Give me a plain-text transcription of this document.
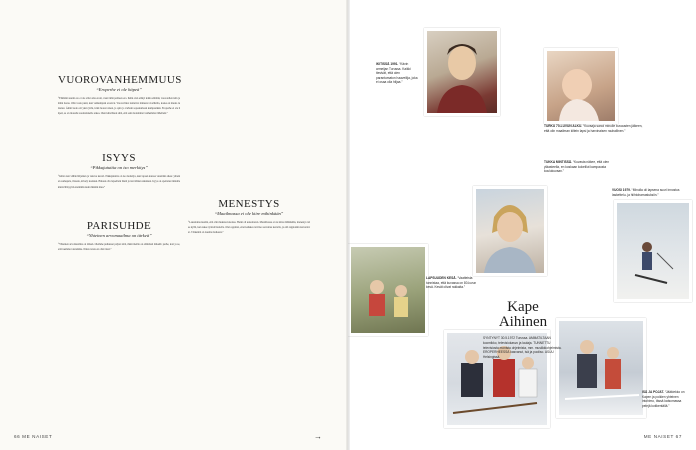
VUOROVANHEMMUUS
“Eroperhe ei ole häpeä”
“Elämäni suurin ero ei ole ollut oma eroni, vaan tämä perheen ero. Ikäni olen elänyt kahta elämää, vuorotellen isän ja äidin luona. Olin vasta pieni, kun vanhempani erosivat. Vuoroviikot tuntuivat minusta tavallisilta, koska en muuta tuntenut. Äitini luona oli yksi rytmi, isäni luona toinen, ja opin jo varhain sopeutumaan kumpaankin. Eroperhe ei ole häpeä, se on monelle suomalaiselle arkea. Olen kiitollinen siitä, että sain molemmat vanhemmat lähelleni.”
ISYYS
“Pikkujututtia on iso merkitys”
“Isänä olen vähän hiljainen ja vakava kaveri. Pikkujututtia on iso merkitys, kun lapsen kanssa vietetään aikaa: yhteinen aamupala, iltasatu, kävely kouluun. Haluan olla lapselleni läsnä ja turvallinen aikuinen. Isyys on opettanut minulle kärsivällisyyttä enemmän kuin mikään muu.”
PARISUHDE
“Yhteinen arvomaailma on tärkeä”
“Yhteinen arvomaailma on tärkeä. Olemme puhuneet paljon siitä, mikä meille on elämässä tärkeää: perhe, koti ja se, että tuemme toisiamme. Ilman toista en olisi tässä.”
MENESTYS
“Maailmassa ei ole kiire mihinkään”
“Lauantaina kuulin, että olin mukana kisoissa. Hetki oli uskomaton. Maailmassa ei ole kiire mihinkään, menestys tulee kyllä, kun tekee työnsä huolella. Olen oppinut, ettei kaikkea tarvitse saavuttaa kerralla, ja että tappiotkin kasvattavat. Tärkeintä on nauttia matkasta.”
66 ME NAISET	→
IKITISSÄ 1991. “Kävin armeijan Turussa. Kaikki tiesivät, että olen parantumaton haaveilija, joka ei osaa olla hiljaa.”
TURKU 70-LUVUN ALKU. “Kuvaaja sanoi minulle kuvausten jälkeen, että olin maailman kiltein lapsi ja harvinaisen rauhallinen.”
TUKKA MINTISSÄ. “Kuvasta näkee, että olen yläasteella, en koskaan kokeillut kampausta koulukuvaan.”
VUOSI 1979. “Minulla oli lapsena suuri innostus laskettelu- ja hiihtoharrastuksiin.”
LAPSUUDEN KESÄ. “Vaatteista tunnistaa, että kuvassa on 80-luvun kesä. Kesät olivat rakkaita.”
ISÄ JA POJAT. “Jääkiekko on Kapen ja poikien yhteinen intohimo, tässä katsomassa pelejä kotikentällä.”
Kape Aihinen
SYNTYNYT 30.5.1972 Turussa. AMMATILTAAN koomikko, televisiokasvo ja laulaja. TUNNETTU televisiosta monista ohjelmista, mm. musiikkiohjelmista. EROPERHEESSÄ kasvanut, isä ja puoliso. ASUU Helsingissä.
ME NAISET 67
